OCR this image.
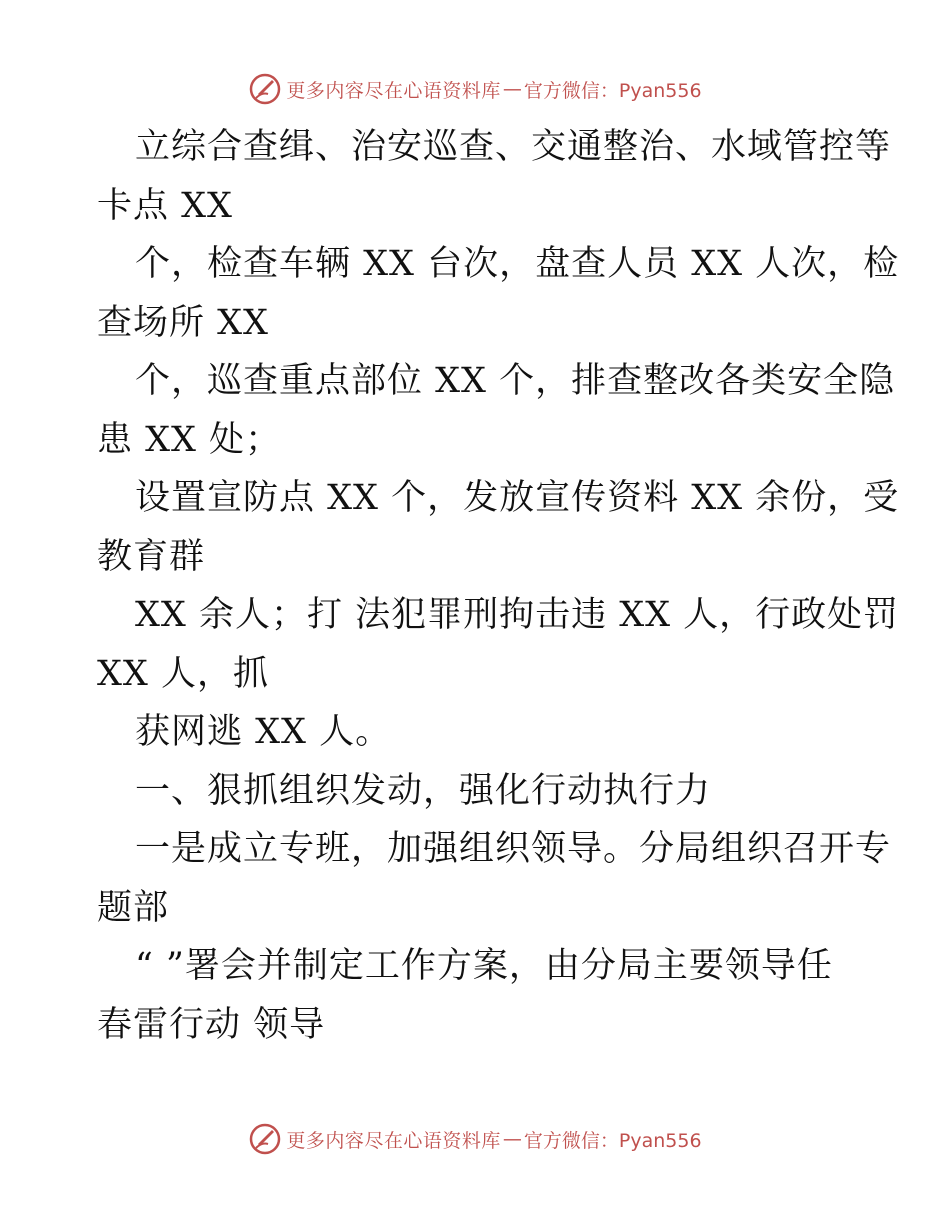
更多内容尽在心语资料库 — 官方微信：Pyan556
立综合查缉、治安巡查、交通整治、水域管控等
卡点 XX
个，检查车辆 XX 台次，盘查人员 XX 人次，检
查场所 XX
个，巡查重点部位 XX 个，排查整改各类安全隐
患 XX 处；
设置宣防点 XX 个，发放宣传资料 XX 余份，受
教育群
XX 余人；打 法犯罪刑拘击违 XX 人，行政处罚
XX 人，抓
获网逃 XX 人。
一、狠抓组织发动，强化行动执行力
一是成立专班，加强组织领导。分局组织召开专
题部
“ ”署会并制定工作方案，由分局主要领导任
春雷行动 领导
更多内容尽在心语资料库 — 官方微信：Pyan556
